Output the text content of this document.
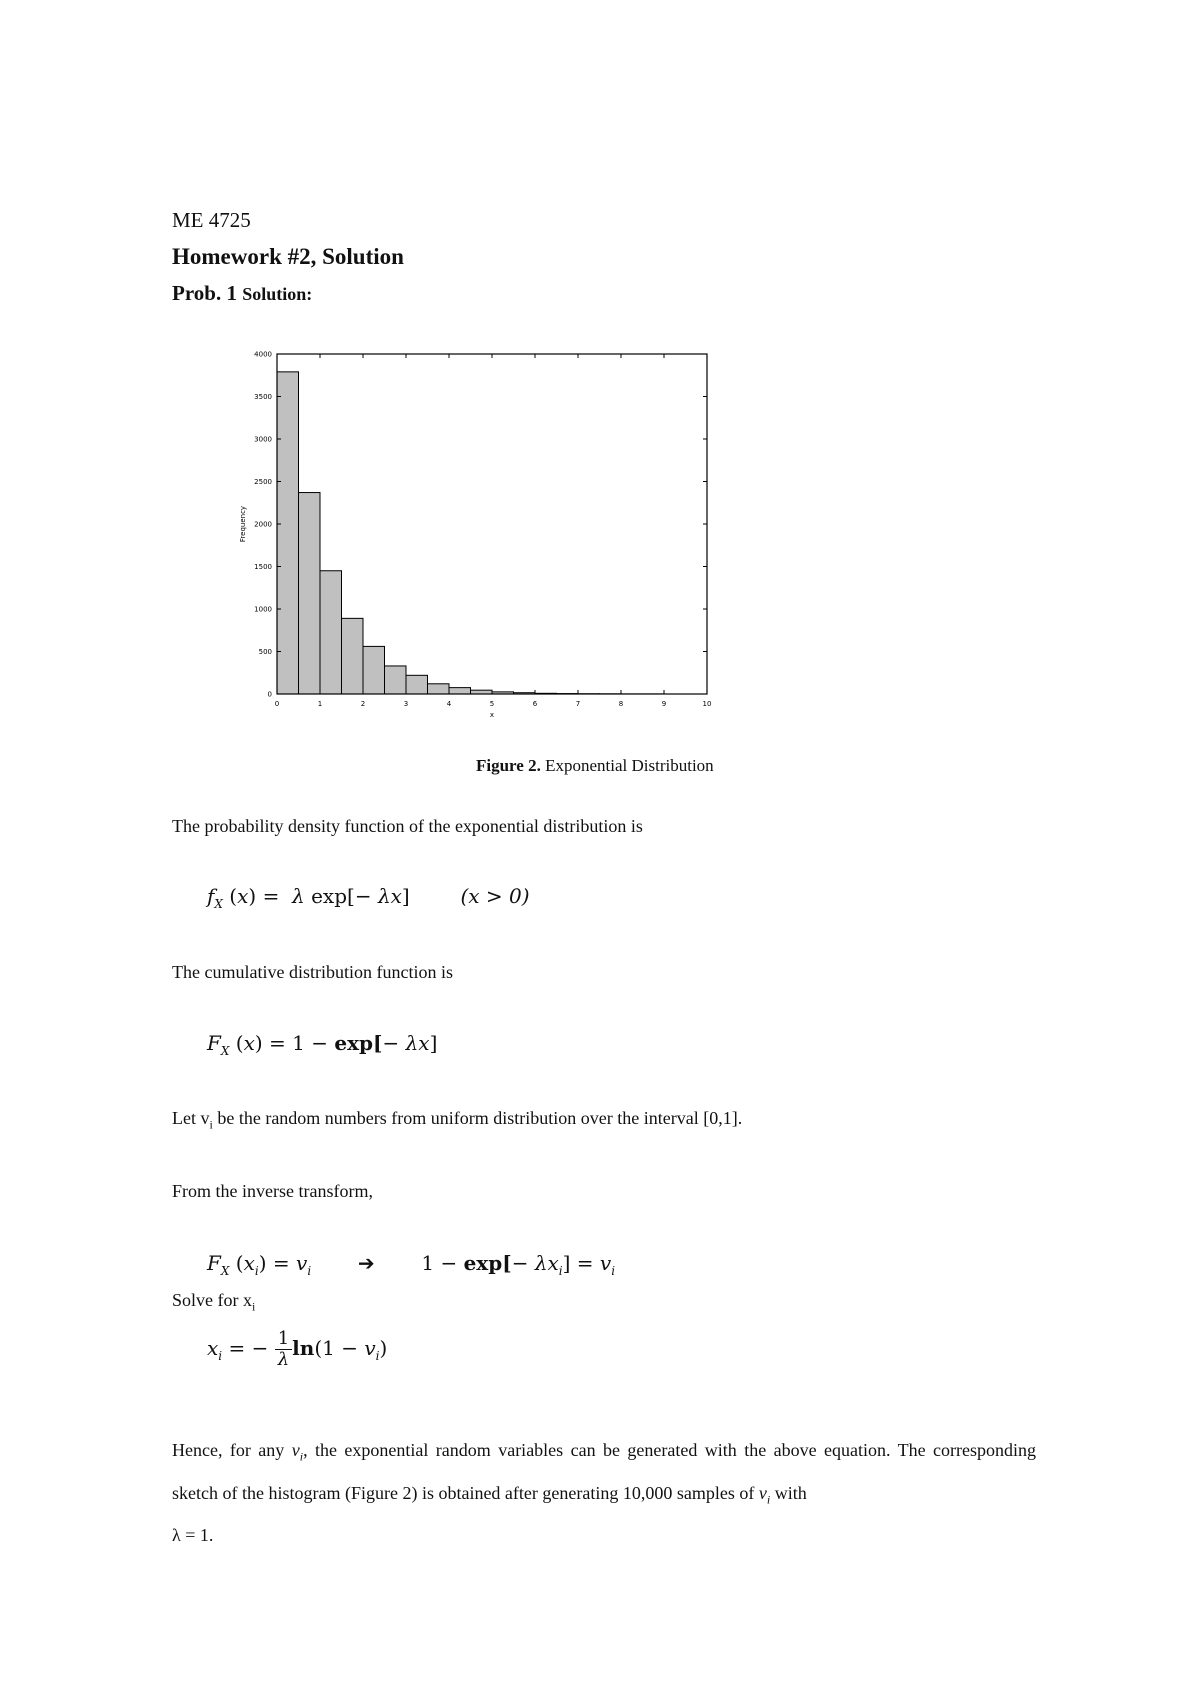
ME 4725
Homework #2, Solution
Prob. 1 Solution:
0	1	2	3	4	5	6	7	8	9	10
0
500
1000
1500
2000
2500
3000
3500
4000
x
Frequency
Figure 2. Exponential Distribution
The probability density function of the exponential distribution is
$f_X$ (x) =  λ exp[− λx]  (x > 0)
The cumulative distribution function is
$F_X$ (x) = 1 − exp[− λx]
Let $v_i$ be the random numbers from uniform distribution over the interval [0,1].
From the inverse transform,
$F_X$ $(x_i) = v_i$ ➔  $1 - \exp[- \lambda x_i] = v_i$
Solve for $x_i$
$x_i$ = − $\frac{1}{\lambda} \ln(1 - v_i)$
Hence, for any $v_i$, the exponential random variables can be generated with the above equation. The corresponding sketch of the histogram (Figure 2) is obtained after generating 10,000 samples of $v_i$ with
λ = 1.
